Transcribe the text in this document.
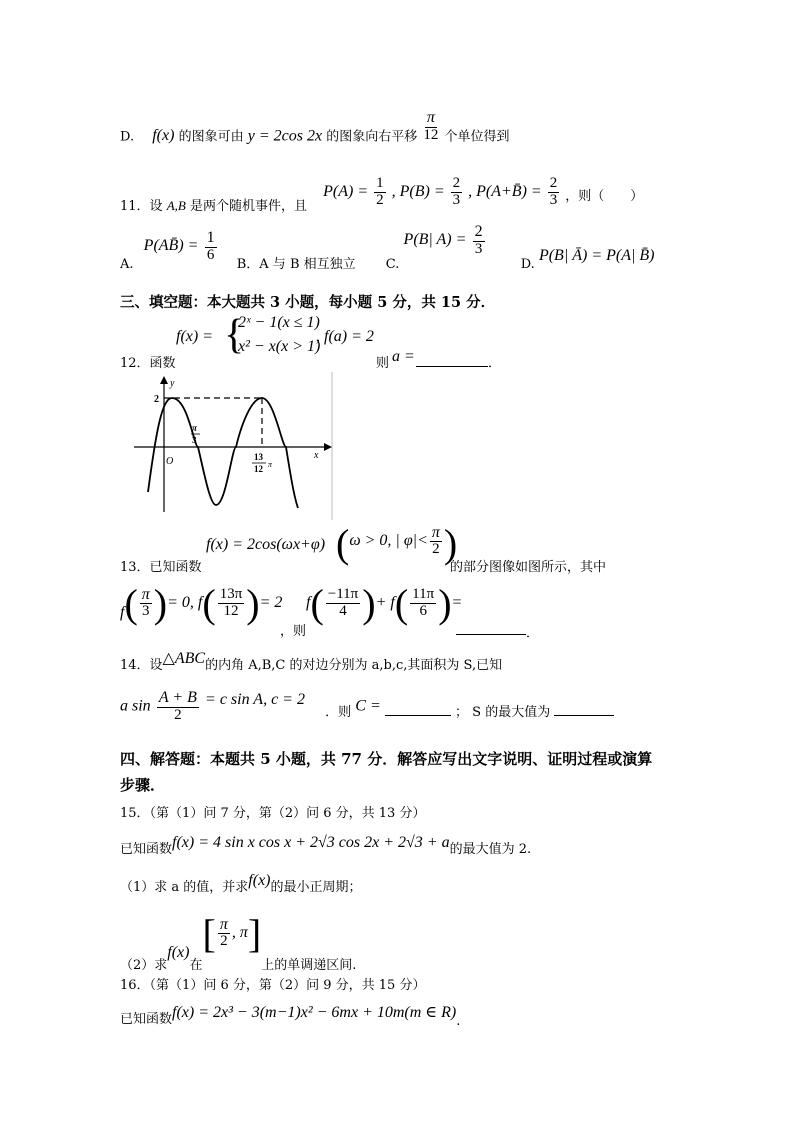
D. f(x) 的图象可由 y = 2cos 2x 的图象向右平移 $\frac{\pi}{12}$ 个单位得到
11．设 A,B 是两个随机事件，且 $P(A) = \frac{1}{2}$ , $P(B) = \frac{2}{3}$ , P(A+B̄) = $\frac{2}{3}$ ，则（　　）
A. P(AB̄) = $\frac{1}{6}$
B．A 与 B 相互独立 C. P(B| $A) = \frac{2}{3}$
D. P(B| Ā) = P(A| B̄)
三、填空题：本大题共 3 小题，每小题 5 分，共 15 分．
12．函数
f(x) = {
2ˣ − 1(x ≤ 1)
x² − x(x > 1)
, f(a) = 2
则 a =	．
y
x
O
2
π
3
13
12 π
13．已知函数
f(x) = 2cos(ωx+φ) (ω > 0, | $\varphi|< \frac{\pi}{2}$ )
的部分图像如图所示，其中
$f( \frac{\pi}{3}$ )= 0, $f( \frac{13\pi}{12}$ )= 2
，则
$f( \frac{-11\pi}{4}$ )+ $f( \frac{11\pi}{6}$ )=
．
14．设△ABC的内角 A,B,C 的对边分别为 a,b,c,其面积为 S,已知
a $\sin \frac{A + B}{2} = c$ sin A, c = 2 ．则 C =	； S 的最大值为
四、解答题：本题共 5 小题，共 77 分．解答应写出文字说明、证明过程或演算
步骤．
15．（第（1）问 7 分，第（2）问 6 分，共 13 分）
已知函数f(x) = 4 sin x cos x + 2√3 cos 2x + 2√3 + a的最大值为 2.
（1）求 a 的值，并求f(x)的最小正周期；
（2）求f(x)在[ $\frac{\pi}{2}$ , π]上的单调递区间.
16．（第（1）问 6 分，第（2）问 9 分，共 15 分）
已知函数f(x) = 2x³ − 3(m−1)x² − 6mx + 10m(m ∈ R).
